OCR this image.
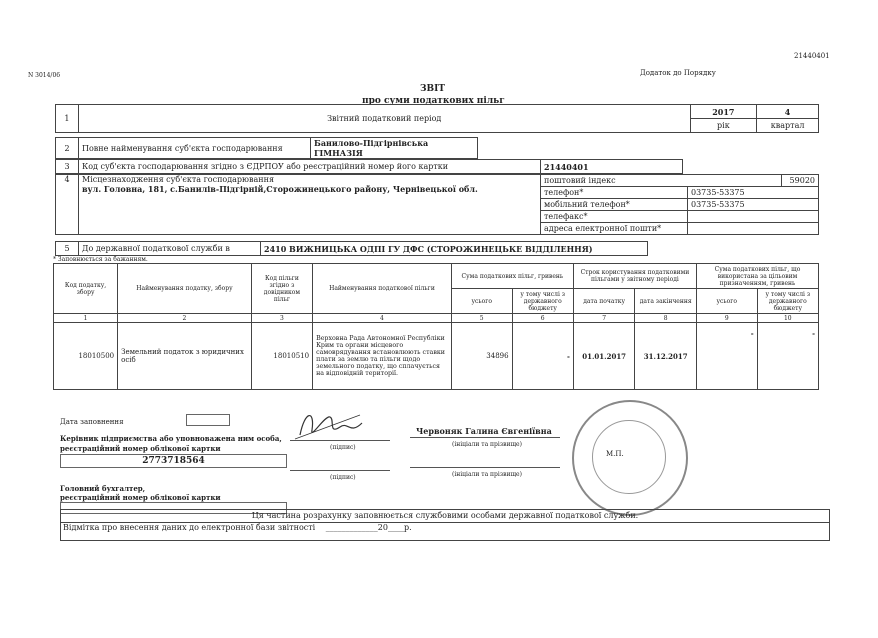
21440401
N 3014/06	Додаток до Порядку
ЗВІТ
про суми податкових пільг
1	Звітний податковий період	2017	4
		рік	квартал
2	Повне найменування суб'єкта господарювання	Банилово-Підгірнівська ГІМНАЗІЯ	
3	Код суб'єкта господарювання згідно з ЄДРПОУ або реєстраційний номер його картки	21440401	
4	Місцезнаходження суб'єкта господарювання
вул. Головна, 181, с.Банилів-Підгірній,Сторожинецького району, Чернівецької обл.	поштовий індекс		59020
		телефон*	03735-53375	
		мобільний телефон*	03735-53375	
		телефакс*		
		адреса електронної пошти*		
5	До державної податкової служби в	2410 ВИЖНИЦЬКА ОДПІ ГУ ДФС (СТОРОЖИНЕЦЬКЕ ВІДДІЛЕННЯ)	
* Заповнюється за бажанням.
Код податку, збору	Найменування податку, збору	Код пільги згідно з довідником пільг	Найменування податкової пільги	Сума податкових пільг, гривень		Строк користування податковими пільгами у звітному періоді		Сума податкових пільг, що використана за цільовим призначенням, гривень	
				усього	у тому числі з державного бюджету	дата початку	дата закінчення	усього	у тому числі з державного бюджету
1	2	3	4	5	6	7	8	9	10
18010500	Земельний податок з юридичних осіб	18010510	Верховна Рада Автономної Республіки Крим та органи місцевого самоврядування встановлюють ставки плати за землю та пільги щодо земельного податку, що сплачується на відповідній території.	34896	-	01.01.2017	31.12.2017	-	-
Дата заповнення
Керівник підприємства або уповноважена ним особа,
реєстраційний номер облікової картки
2773718564
(підпис)
Червоняк Галина Євгеніївна
(ініціали та прізвище)
(підпис)	(ініціали та прізвище)
Головний бухгалтер,
реєстраційний номер облікової картки
М.П.
Ця частина розрахунку заповнюється службовими особами державної податкової служби.
Відмітка про внесення даних до електронної бази звітності _____________20____р.
